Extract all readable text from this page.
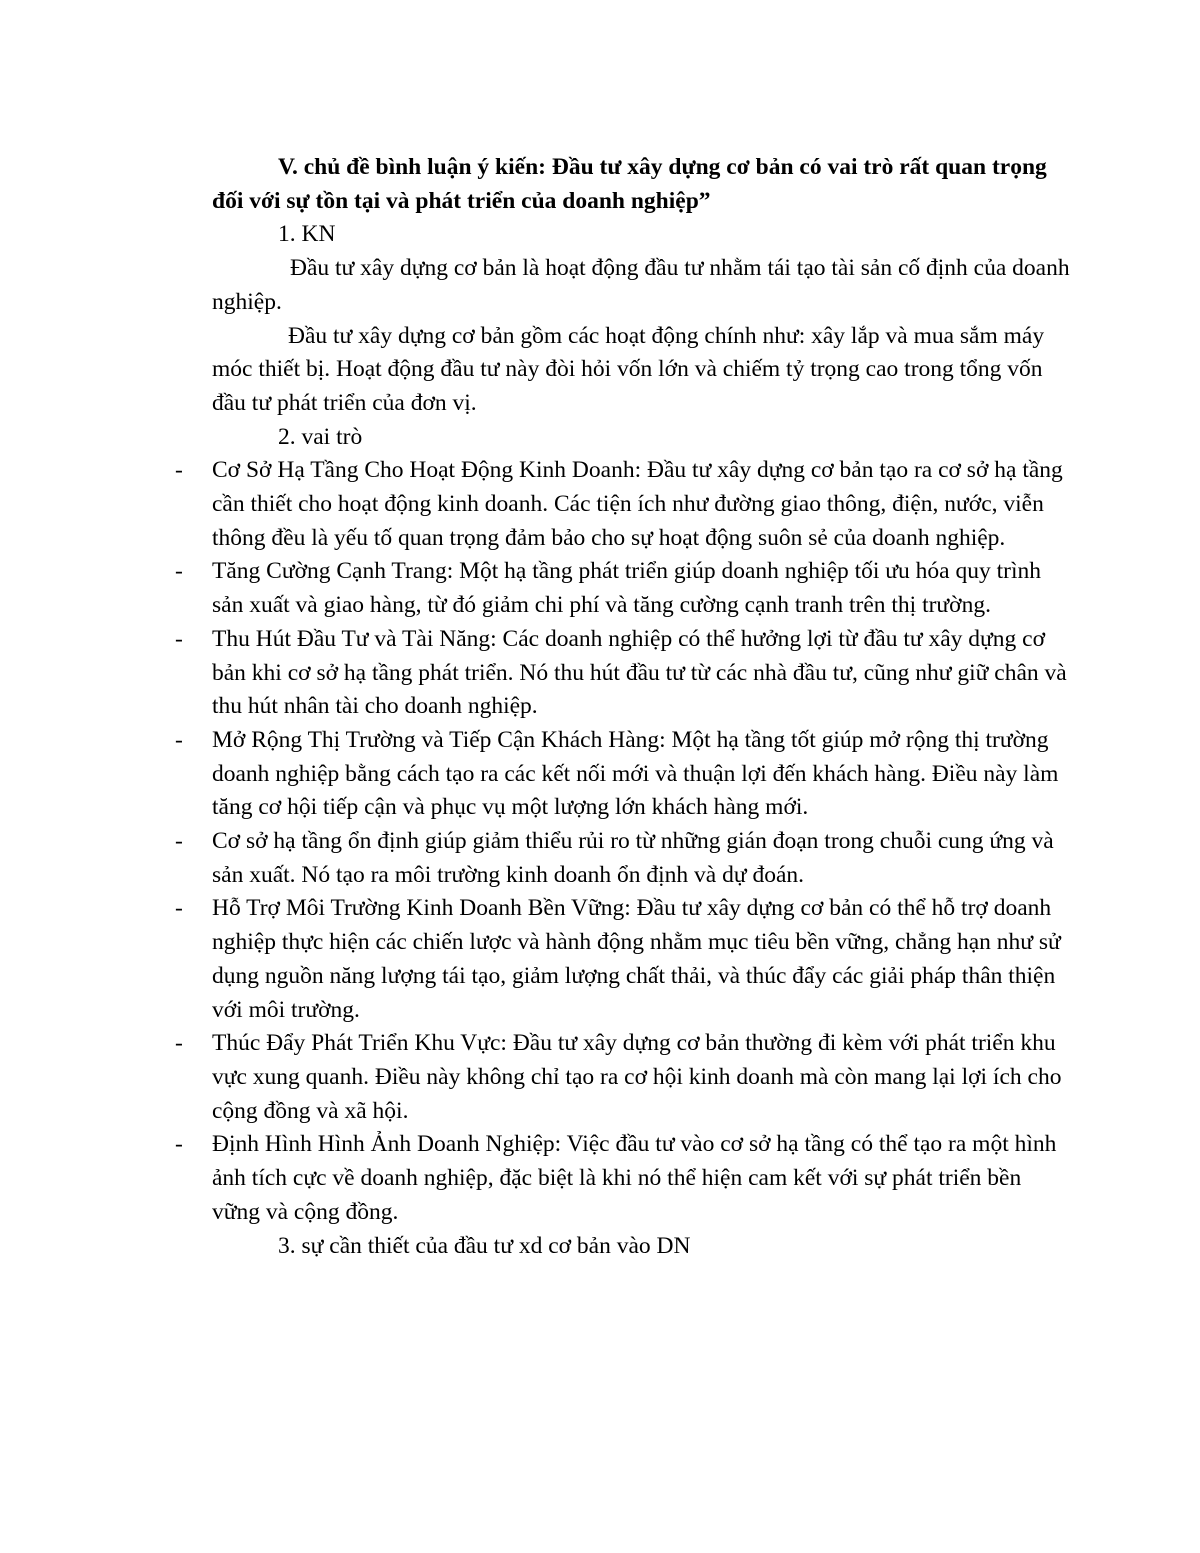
V. chủ đề bình luận ý kiến: Đầu tư xây dựng cơ bản có vai trò rất quan trọng đối với sự tồn tại và phát triển của doanh nghiệp”

1. KN

Đầu tư xây dựng cơ bản là hoạt động đầu tư nhằm tái tạo tài sản cố định của doanh nghiệp.

Đầu tư xây dựng cơ bản gồm các hoạt động chính như: xây lắp và mua sắm máy móc thiết bị. Hoạt động đầu tư này đòi hỏi vốn lớn và chiếm tỷ trọng cao trong tổng vốn đầu tư phát triển của đơn vị.

2. vai trò

- Cơ Sở Hạ Tầng Cho Hoạt Động Kinh Doanh: Đầu tư xây dựng cơ bản tạo ra cơ sở hạ tầng cần thiết cho hoạt động kinh doanh. Các tiện ích như đường giao thông, điện, nước, viễn thông đều là yếu tố quan trọng đảm bảo cho sự hoạt động suôn sẻ của doanh nghiệp.
- Tăng Cường Cạnh Trang: Một hạ tầng phát triển giúp doanh nghiệp tối ưu hóa quy trình sản xuất và giao hàng, từ đó giảm chi phí và tăng cường cạnh tranh trên thị trường.
- Thu Hút Đầu Tư và Tài Năng: Các doanh nghiệp có thể hưởng lợi từ đầu tư xây dựng cơ bản khi cơ sở hạ tầng phát triển. Nó thu hút đầu tư từ các nhà đầu tư, cũng như giữ chân và thu hút nhân tài cho doanh nghiệp.
- Mở Rộng Thị Trường và Tiếp Cận Khách Hàng: Một hạ tầng tốt giúp mở rộng thị trường doanh nghiệp bằng cách tạo ra các kết nối mới và thuận lợi đến khách hàng. Điều này làm tăng cơ hội tiếp cận và phục vụ một lượng lớn khách hàng mới.
- Cơ sở hạ tầng ổn định giúp giảm thiểu rủi ro từ những gián đoạn trong chuỗi cung ứng và sản xuất. Nó tạo ra môi trường kinh doanh ổn định và dự đoán.
- Hỗ Trợ Môi Trường Kinh Doanh Bền Vững: Đầu tư xây dựng cơ bản có thể hỗ trợ doanh nghiệp thực hiện các chiến lược và hành động nhằm mục tiêu bền vững, chẳng hạn như sử dụng nguồn năng lượng tái tạo, giảm lượng chất thải, và thúc đẩy các giải pháp thân thiện với môi trường.
- Thúc Đẩy Phát Triển Khu Vực: Đầu tư xây dựng cơ bản thường đi kèm với phát triển khu vực xung quanh. Điều này không chỉ tạo ra cơ hội kinh doanh mà còn mang lại lợi ích cho cộng đồng và xã hội.
- Định Hình Hình Ảnh Doanh Nghiệp: Việc đầu tư vào cơ sở hạ tầng có thể tạo ra một hình ảnh tích cực về doanh nghiệp, đặc biệt là khi nó thể hiện cam kết với sự phát triển bền vững và cộng đồng.

3. sự cần thiết của đầu tư xd cơ bản vào DN
